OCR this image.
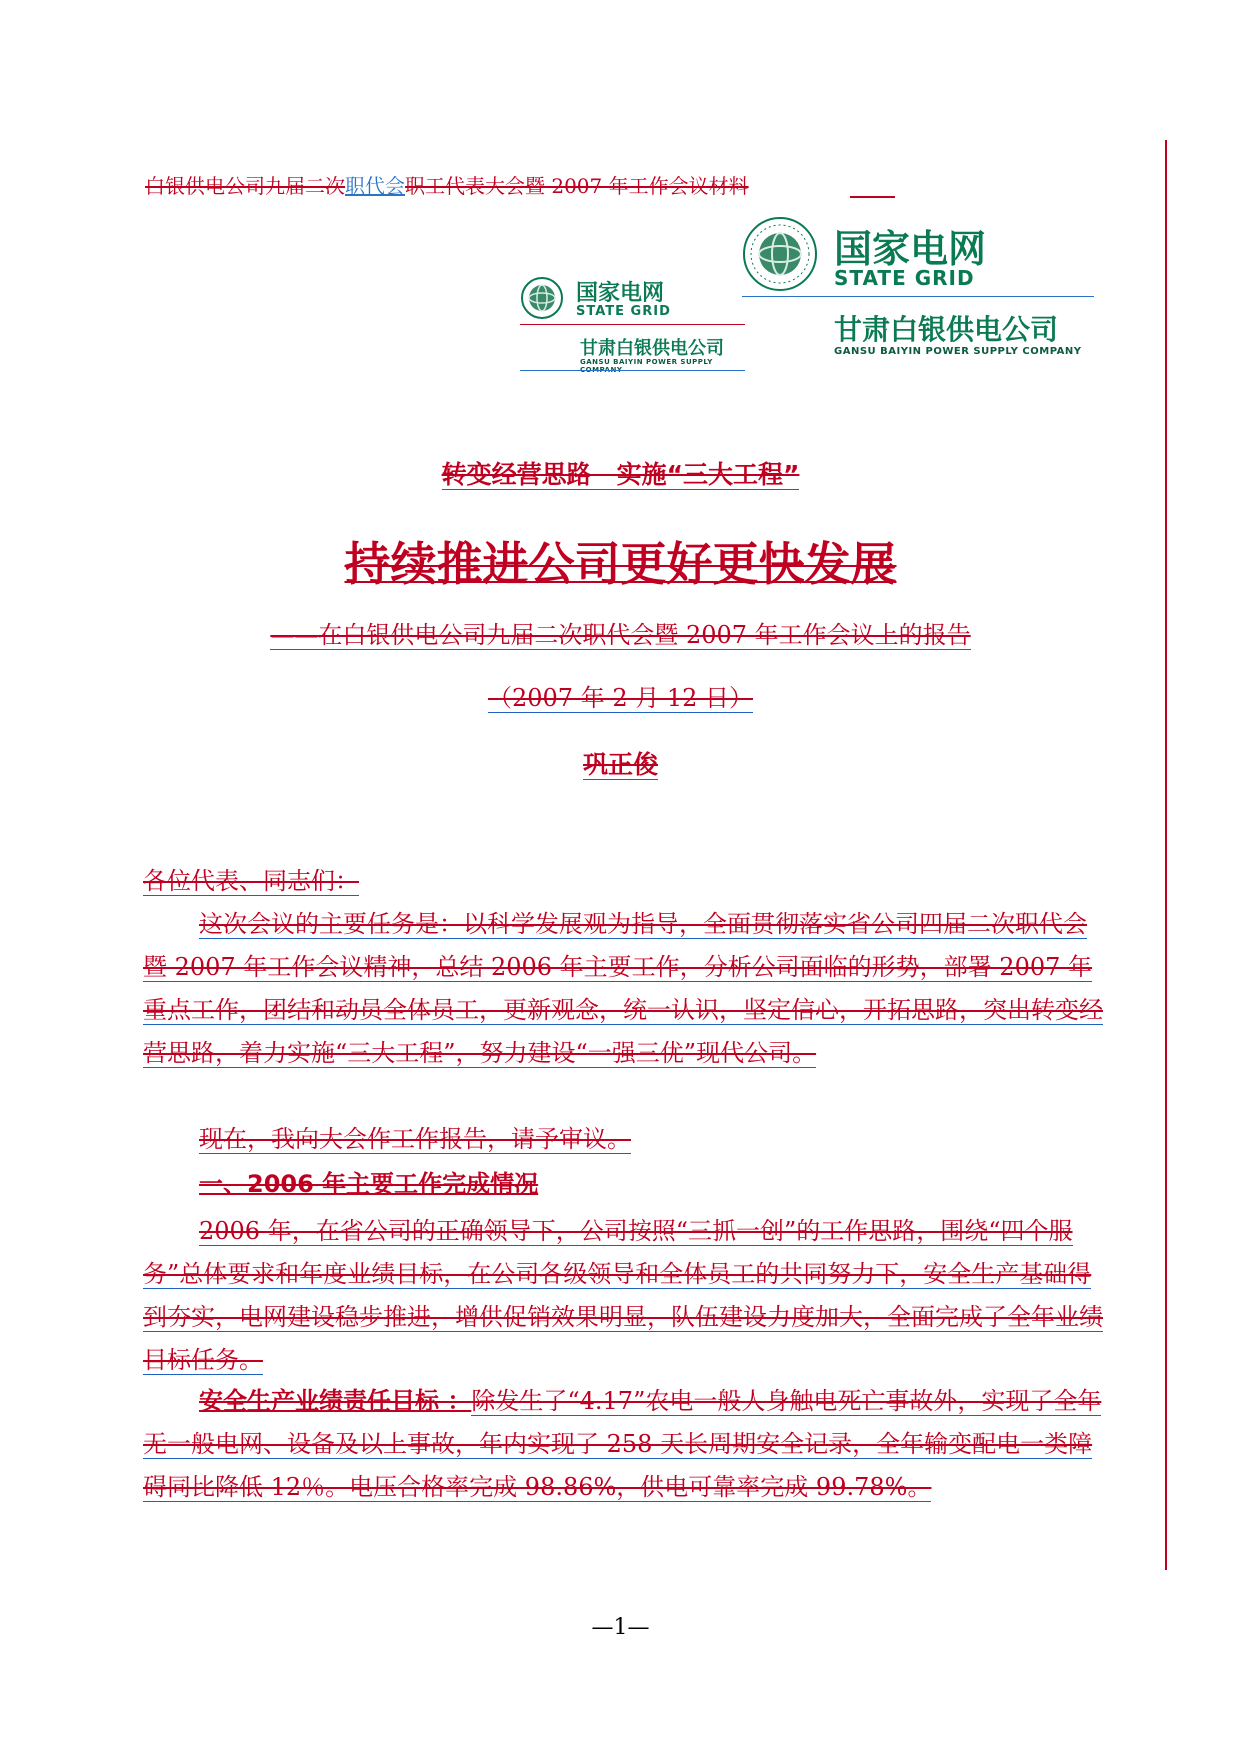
白银供电公司九届二次职代会职工代表大会暨 2007 年工作会议材料
国家电网
STATE GRID
甘肃白银供电公司
GANSU BAIYIN POWER SUPPLY COMPANY
国家电网
STATE GRID
甘肃白银供电公司
GANSU BAIYIN POWER SUPPLY COMPANY
转变经营思路　实施“三大工程”
持续推进公司更好更快发展
——在白银供电公司九届二次职代会暨 2007 年工作会议上的报告
（2007 年 2 月 12 日）
巩正俊
各位代表、同志们：

这次会议的主要任务是：以科学发展观为指导，全面贯彻落实省公司四届二次职代会暨 2007 年工作会议精神，总结 2006 年主要工作，分析公司面临的形势，部署 2007 年重点工作，团结和动员全体员工，更新观念，统一认识，坚定信心，开拓思路，突出转变经营思路，着力实施“三大工程”，努力建设“一强三优”现代公司。

现在，我向大会作工作报告，请予审议。

一、2006 年主要工作完成情况

2006 年，在省公司的正确领导下，公司按照“三抓一创”的工作思路，围绕“四个服务”总体要求和年度业绩目标，在公司各级领导和全体员工的共同努力下，安全生产基础得到夯实，电网建设稳步推进，增供促销效果明显，队伍建设力度加大，全面完成了全年业绩目标任务。

安全生产业绩责任目标 ：除发生了“4.17”农电一般人身触电死亡事故外，实现了全年无一般电网、设备及以上事故，年内实现了 258 天长周期安全记录，全年输变配电一类障碍同比降低 12％。电压合格率完成 98.86%，供电可靠率完成 99.78%。

—1—
